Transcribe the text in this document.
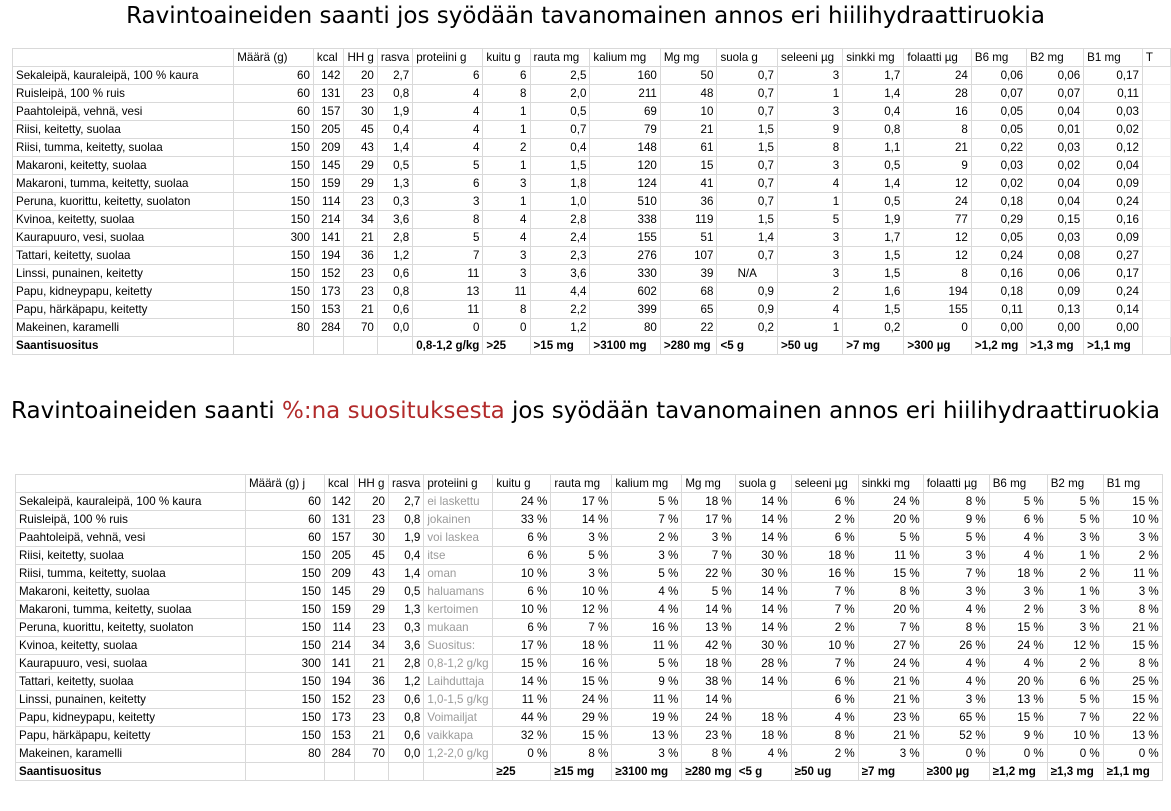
Ravintoaineiden saanti jos syödään tavanomainen annos eri hiilihydraattiruokia
Ravintoaineiden saanti %:na suosituksesta jos syödään tavanomainen annos eri hiilihydraattiruokia
	Määrä (g)	kcal	HH g	rasva	proteiini g	kuitu g	rauta mg	kalium mg	Mg mg	suola g	seleeni µg	sinkki mg	folaatti µg	B6 mg	B2 mg	B1 mg	T
Sekaleipä, kauraleipä, 100 % kaura	60	142	20	2,7	6	6	2,5	160	50	0,7	3	1,7	24	0,06	0,06	0,17	
Ruisleipä, 100 % ruis	60	131	23	0,8	4	8	2,0	211	48	0,7	1	1,4	28	0,07	0,07	0,11	
Paahtoleipä, vehnä, vesi	60	157	30	1,9	4	1	0,5	69	10	0,7	3	0,4	16	0,05	0,04	0,03	
Riisi, keitetty, suolaa	150	205	45	0,4	4	1	0,7	79	21	1,5	9	0,8	8	0,05	0,01	0,02	
Riisi, tumma, keitetty, suolaa	150	209	43	1,4	4	2	0,4	148	61	1,5	8	1,1	21	0,22	0,03	0,12	
Makaroni, keitetty, suolaa	150	145	29	0,5	5	1	1,5	120	15	0,7	3	0,5	9	0,03	0,02	0,04	
Makaroni, tumma, keitetty, suolaa	150	159	29	1,3	6	3	1,8	124	41	0,7	4	1,4	12	0,02	0,04	0,09	
Peruna, kuorittu, keitetty, suolaton	150	114	23	0,3	3	1	1,0	510	36	0,7	1	0,5	24	0,18	0,04	0,24	
Kvinoa, keitetty, suolaa	150	214	34	3,6	8	4	2,8	338	119	1,5	5	1,9	77	0,29	0,15	0,16	
Kaurapuuro, vesi, suolaa	300	141	21	2,8	5	4	2,4	155	51	1,4	3	1,7	12	0,05	0,03	0,09	
Tattari, keitetty, suolaa	150	194	36	1,2	7	3	2,3	276	107	0,7	3	1,5	12	0,24	0,08	0,27	
Linssi, punainen, keitetty	150	152	23	0,6	11	3	3,6	330	39	N/A	3	1,5	8	0,16	0,06	0,17	
Papu, kidneypapu, keitetty	150	173	23	0,8	13	11	4,4	602	68	0,9	2	1,6	194	0,18	0,09	0,24	
Papu, härkäpapu, keitetty	150	153	21	0,6	11	8	2,2	399	65	0,9	4	1,5	155	0,11	0,13	0,14	
Makeinen, karamelli	80	284	70	0,0	0	0	1,2	80	22	0,2	1	0,2	0	0,00	0,00	0,00	
Saantisuositus					0,8-1,2 g/kg	>25	>15 mg	>3100 mg	>280 mg	<5 g	>50 ug	>7 mg	>300 µg	>1,2 mg	>1,3 mg	>1,1 mg	
	Määrä (g) j	kcal	HH g	rasva	proteiini g	kuitu g	rauta mg	kalium mg	Mg mg	suola g	seleeni µg	sinkki mg	folaatti µg	B6 mg	B2 mg	B1 mg
Sekaleipä, kauraleipä, 100 % kaura	60	142	20	2,7	ei laskettu	24 %	17 %	5 %	18 %	14 %	6 %	24 %	8 %	5 %	5 %	15 %
Ruisleipä, 100 % ruis	60	131	23	0,8	jokainen	33 %	14 %	7 %	17 %	14 %	2 %	20 %	9 %	6 %	5 %	10 %
Paahtoleipä, vehnä, vesi	60	157	30	1,9	voi laskea	6 %	3 %	2 %	3 %	14 %	6 %	5 %	5 %	4 %	3 %	3 %
Riisi, keitetty, suolaa	150	205	45	0,4	itse	6 %	5 %	3 %	7 %	30 %	18 %	11 %	3 %	4 %	1 %	2 %
Riisi, tumma, keitetty, suolaa	150	209	43	1,4	oman	10 %	3 %	5 %	22 %	30 %	16 %	15 %	7 %	18 %	2 %	11 %
Makaroni, keitetty, suolaa	150	145	29	0,5	haluamans	6 %	10 %	4 %	5 %	14 %	7 %	8 %	3 %	3 %	1 %	3 %
Makaroni, tumma, keitetty, suolaa	150	159	29	1,3	kertoimen	10 %	12 %	4 %	14 %	14 %	7 %	20 %	4 %	2 %	3 %	8 %
Peruna, kuorittu, keitetty, suolaton	150	114	23	0,3	mukaan	6 %	7 %	16 %	13 %	14 %	2 %	7 %	8 %	15 %	3 %	21 %
Kvinoa, keitetty, suolaa	150	214	34	3,6	Suositus:	17 %	18 %	11 %	42 %	30 %	10 %	27 %	26 %	24 %	12 %	15 %
Kaurapuuro, vesi, suolaa	300	141	21	2,8	0,8-1,2 g/kg	15 %	16 %	5 %	18 %	28 %	7 %	24 %	4 %	4 %	2 %	8 %
Tattari, keitetty, suolaa	150	194	36	1,2	Laihduttaja	14 %	15 %	9 %	38 %	14 %	6 %	21 %	4 %	20 %	6 %	25 %
Linssi, punainen, keitetty	150	152	23	0,6	1,0-1,5 g/kg	11 %	24 %	11 %	14 %		6 %	21 %	3 %	13 %	5 %	15 %
Papu, kidneypapu, keitetty	150	173	23	0,8	Voimailjat	44 %	29 %	19 %	24 %	18 %	4 %	23 %	65 %	15 %	7 %	22 %
Papu, härkäpapu, keitetty	150	153	21	0,6	vaikkapa	32 %	15 %	13 %	23 %	18 %	8 %	21 %	52 %	9 %	10 %	13 %
Makeinen, karamelli	80	284	70	0,0	1,2-2,0 g/kg	0 %	8 %	3 %	8 %	4 %	2 %	3 %	0 %	0 %	0 %	0 %
Saantisuositus						≥25	≥15 mg	≥3100 mg	≥280 mg	<5 g	≥50 ug	≥7 mg	≥300 µg	≥1,2 mg	≥1,3 mg	≥1,1 mg
